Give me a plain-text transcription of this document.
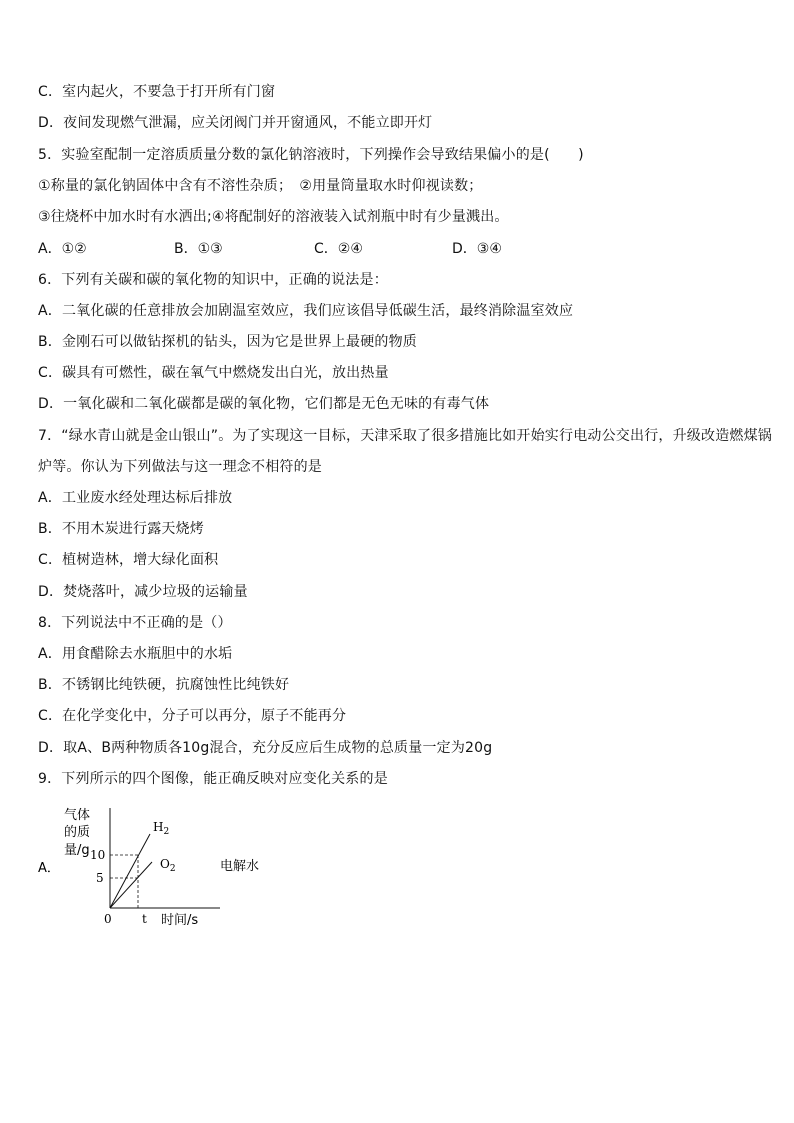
C．室内起火，不要急于打开所有门窗
D．夜间发现燃气泄漏，应关闭阀门并开窗通风，不能立即开灯
5．实验室配制一定溶质质量分数的氯化钠溶液时，下列操作会导致结果偏小的是(　　)
①称量的氯化钠固体中含有不溶性杂质；　②用量筒量取水时仰视读数；
③往烧杯中加水时有水洒出;④将配制好的溶液装入试剂瓶中时有少量溅出。
A．①②	B．①③	C．②④	D．③④
6．下列有关碳和碳的氧化物的知识中，正确的说法是：
A．二氧化碳的任意排放会加剧温室效应，我们应该倡导低碳生活，最终消除温室效应
B．金刚石可以做钻探机的钻头，因为它是世界上最硬的物质
C．碳具有可燃性，碳在氧气中燃烧发出白光，放出热量
D．一氧化碳和二氧化碳都是碳的氧化物，它们都是无色无味的有毒气体
7．“绿水青山就是金山银山”。为了实现这一目标，天津采取了很多措施比如开始实行电动公交出行，升级改造燃煤锅
炉等。你认为下列做法与这一理念不相符的是
A．工业废水经处理达标后排放
B．不用木炭进行露天烧烤
C．植树造林，增大绿化面积
D．焚烧落叶，减少垃圾的运输量
8．下列说法中不正确的是（）
A．用食醋除去水瓶胆中的水垢
B．不锈钢比纯铁硬，抗腐蚀性比纯铁好
C．在化学变化中，分子可以再分，原子不能再分
D．取A、B两种物质各10g混合，充分反应后生成物的总质量一定为20g
9．下列所示的四个图像，能正确反映对应变化关系的是
A．
气体
的质
量/g
$H_2$
$O_2$
10
5
0	t 时间/s
电解水
